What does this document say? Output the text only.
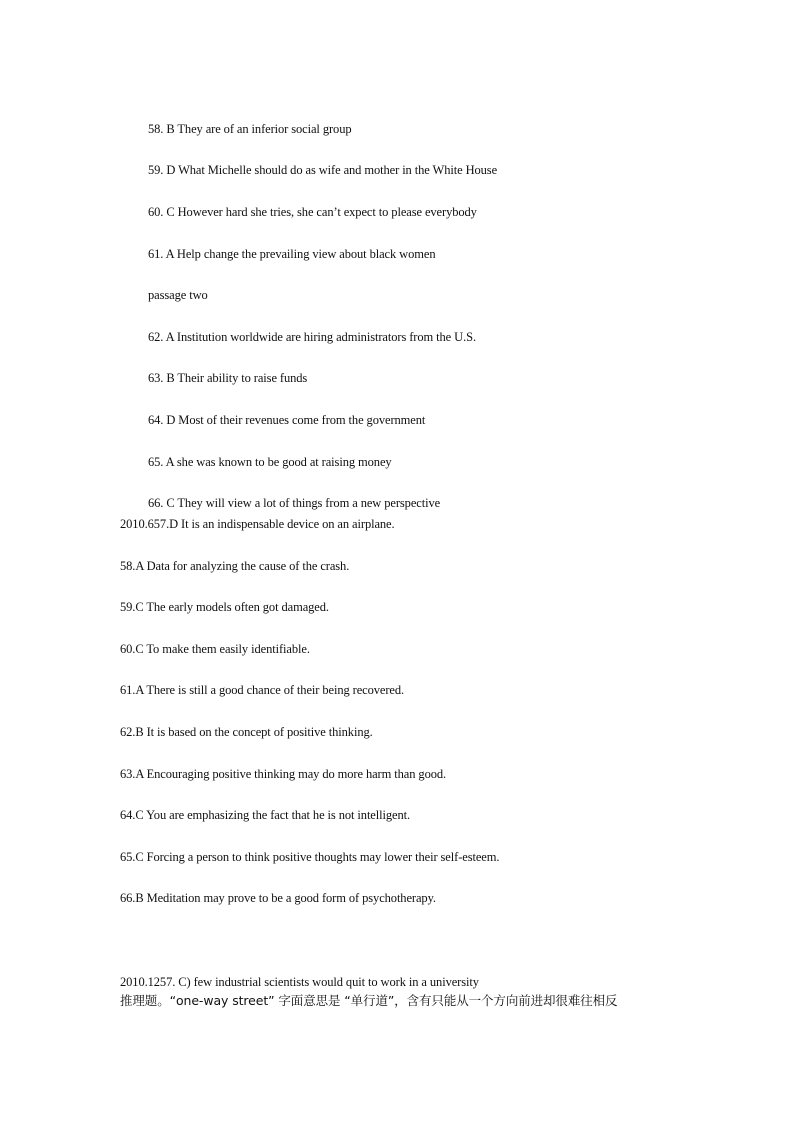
58. B They are of an inferior social group
59. D What Michelle should do as wife and mother in the White House
60. C However hard she tries, she can’t expect to please everybody
61. A Help change the prevailing view about black women
passage two
62. A Institution worldwide are hiring administrators from the U.S.
63. B Their ability to raise funds
64. D Most of their revenues come from the government
65. A she was known to be good at raising money
66. C They will view a lot of things from a new perspective
2010.657.D It is an indispensable device on an airplane.
58.A Data for analyzing the cause of the crash.
59.C The early models often got damaged.
60.C To make them easily identifiable.
61.A There is still a good chance of their being recovered.
62.B It is based on the concept of positive thinking.
63.A Encouraging positive thinking may do more harm than good.
64.C You are emphasizing the fact that he is not intelligent.
65.C Forcing a person to think positive thoughts may lower their self-esteem.
66.B Meditation may prove to be a good form of psychotherapy.
2010.1257. C) few industrial scientists would quit to work in a university
推理题。“one-way street” 字面意思是 “单行道”，含有只能从一个方向前进却很难往相反
